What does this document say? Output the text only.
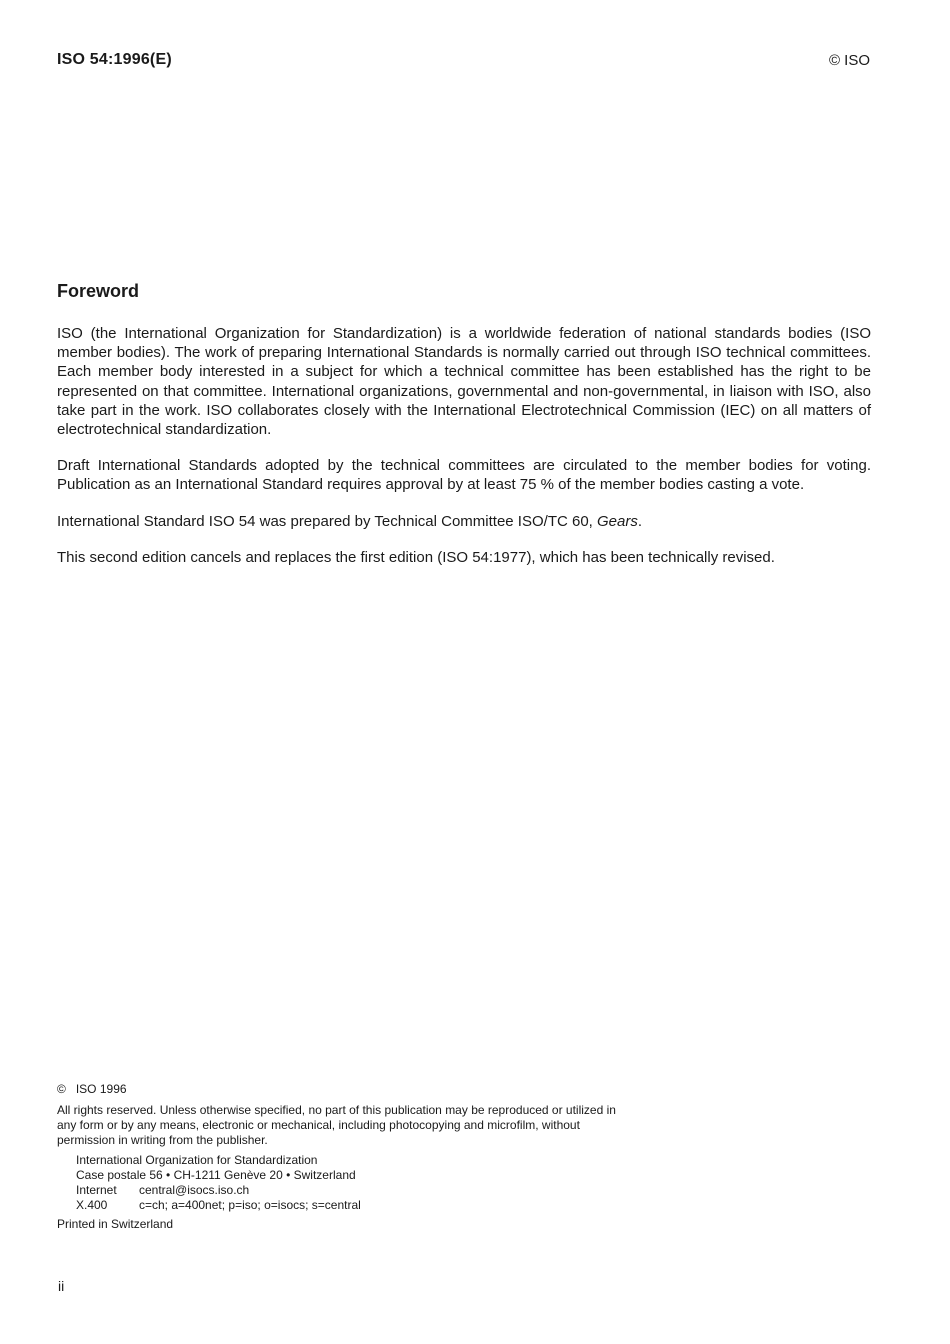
ISO 54:1996(E)	© ISO
Foreword

ISO (the International Organization for Standardization) is a worldwide federation of national standards bodies (ISO member bodies). The work of preparing International Standards is normally carried out through ISO technical committees. Each member body interested in a subject for which a technical committee has been established has the right to be represented on that committee. International organizations, governmental and non-governmental, in liaison with ISO, also take part in the work. ISO collaborates closely with the International Electrotechnical Commission (IEC) on all matters of electrotechnical standardization.

Draft International Standards adopted by the technical committees are circulated to the member bodies for voting. Publication as an International Standard requires approval by at least 75 % of the member bodies casting a vote.

International Standard ISO 54 was prepared by Technical Committee ISO/TC 60, Gears.

This second edition cancels and replaces the first edition (ISO 54:1977), which has been technically revised.

© ISO 1996
All rights reserved. Unless otherwise specified, no part of this publication may be reproduced or utilized in any form or by any means, electronic or mechanical, including photocopying and microfilm, without permission in writing from the publisher.
International Organization for Standardization
Case postale 56 • CH-1211 Genève 20 • Switzerland
Internet	central@isocs.iso.ch
X.400	c=ch; a=400net; p=iso; o=isocs; s=central
Printed in Switzerland
ii
